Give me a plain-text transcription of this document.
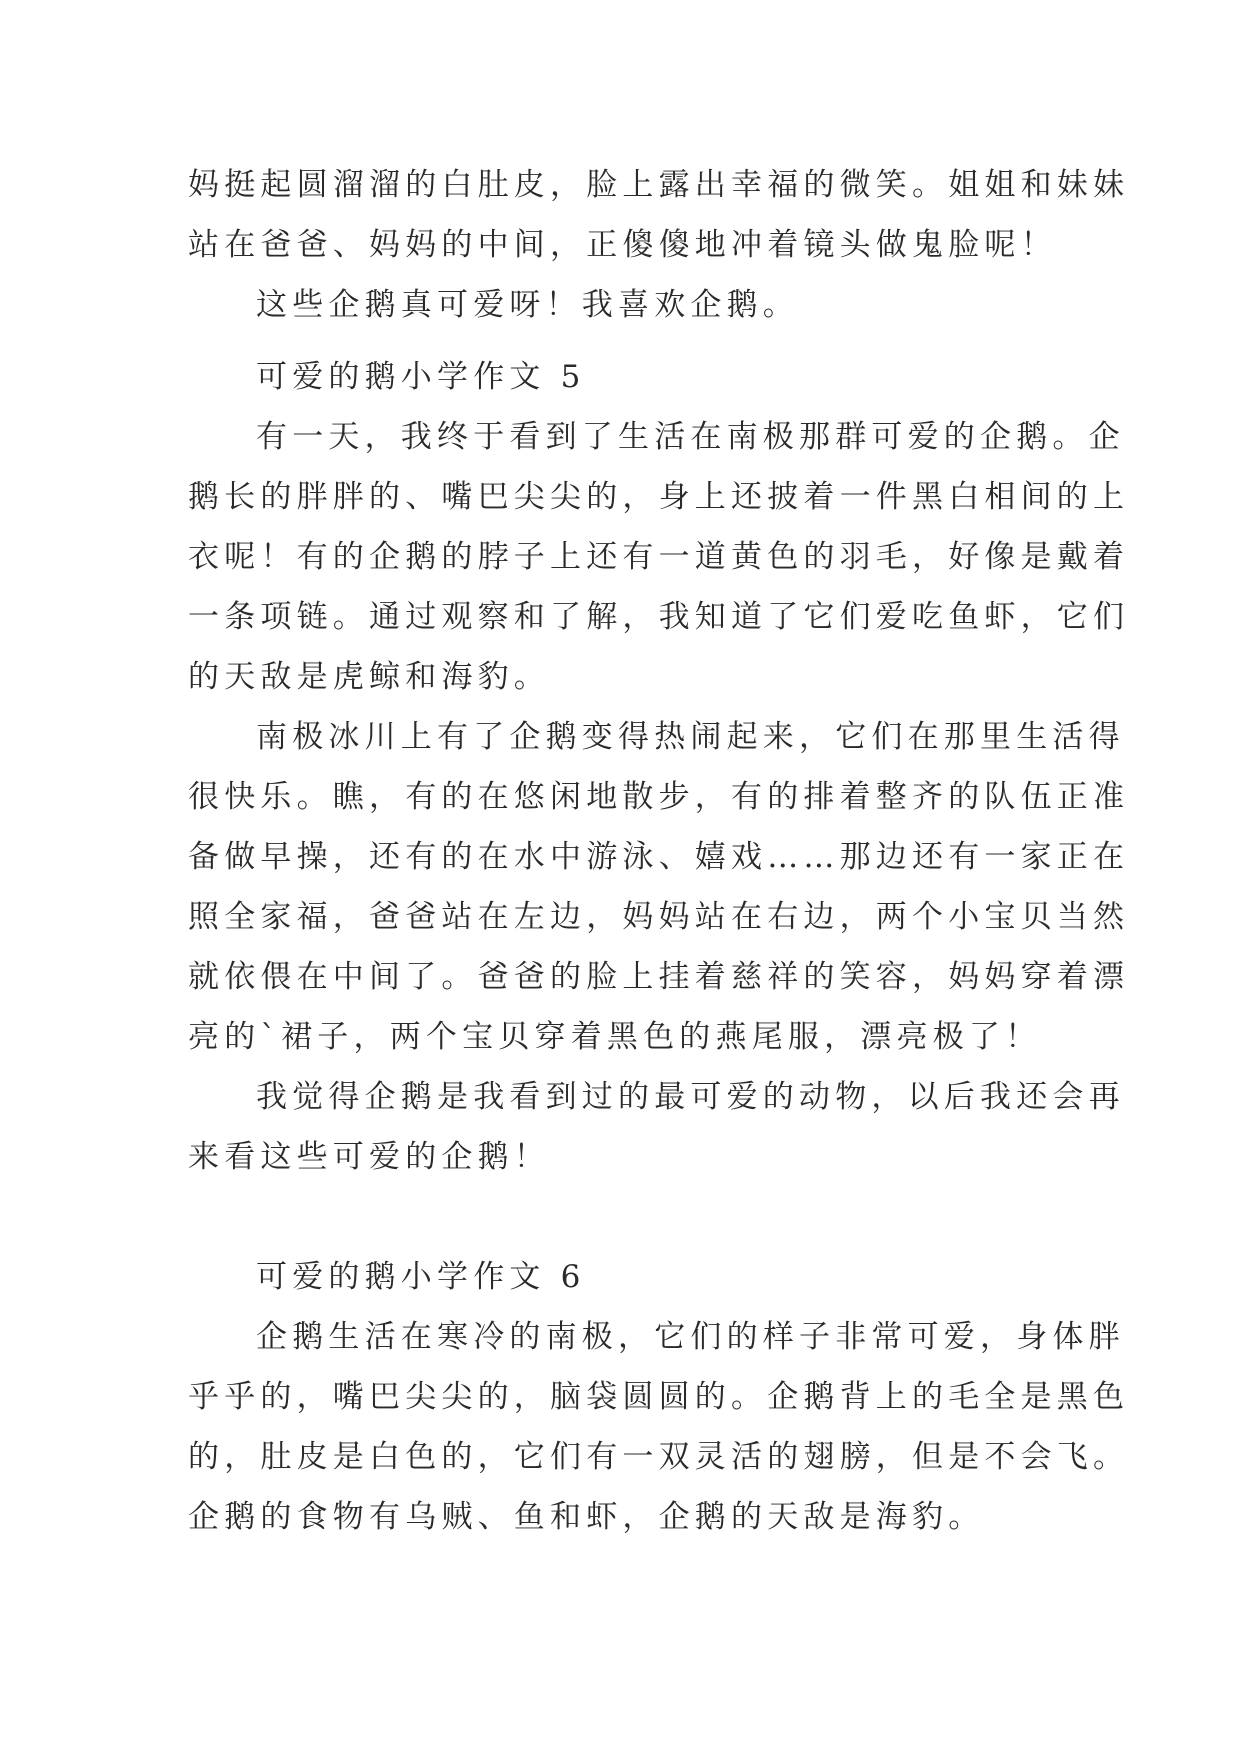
妈挺起圆溜溜的白肚皮，脸上露出幸福的微笑。姐姐和妹妹
站在爸爸、妈妈的中间，正傻傻地冲着镜头做鬼脸呢！
这些企鹅真可爱呀！我喜欢企鹅。
可爱的鹅小学作文 5
有一天，我终于看到了生活在南极那群可爱的企鹅。企
鹅长的胖胖的、嘴巴尖尖的，身上还披着一件黑白相间的上
衣呢！有的企鹅的脖子上还有一道黄色的羽毛，好像是戴着
一条项链。通过观察和了解，我知道了它们爱吃鱼虾，它们
的天敌是虎鲸和海豹。
南极冰川上有了企鹅变得热闹起来，它们在那里生活得
很快乐。瞧，有的在悠闲地散步，有的排着整齐的队伍正准
备做早操，还有的在水中游泳、嬉戏……那边还有一家正在
照全家福，爸爸站在左边，妈妈站在右边，两个小宝贝当然
就依偎在中间了。爸爸的脸上挂着慈祥的笑容，妈妈穿着漂
亮的`裙子，两个宝贝穿着黑色的燕尾服，漂亮极了！
我觉得企鹅是我看到过的最可爱的动物，以后我还会再
来看这些可爱的企鹅！
可爱的鹅小学作文 6
企鹅生活在寒冷的南极，它们的样子非常可爱，身体胖
乎乎的，嘴巴尖尖的，脑袋圆圆的。企鹅背上的毛全是黑色
的，肚皮是白色的，它们有一双灵活的翅膀，但是不会飞。
企鹅的食物有乌贼、鱼和虾，企鹅的天敌是海豹。
